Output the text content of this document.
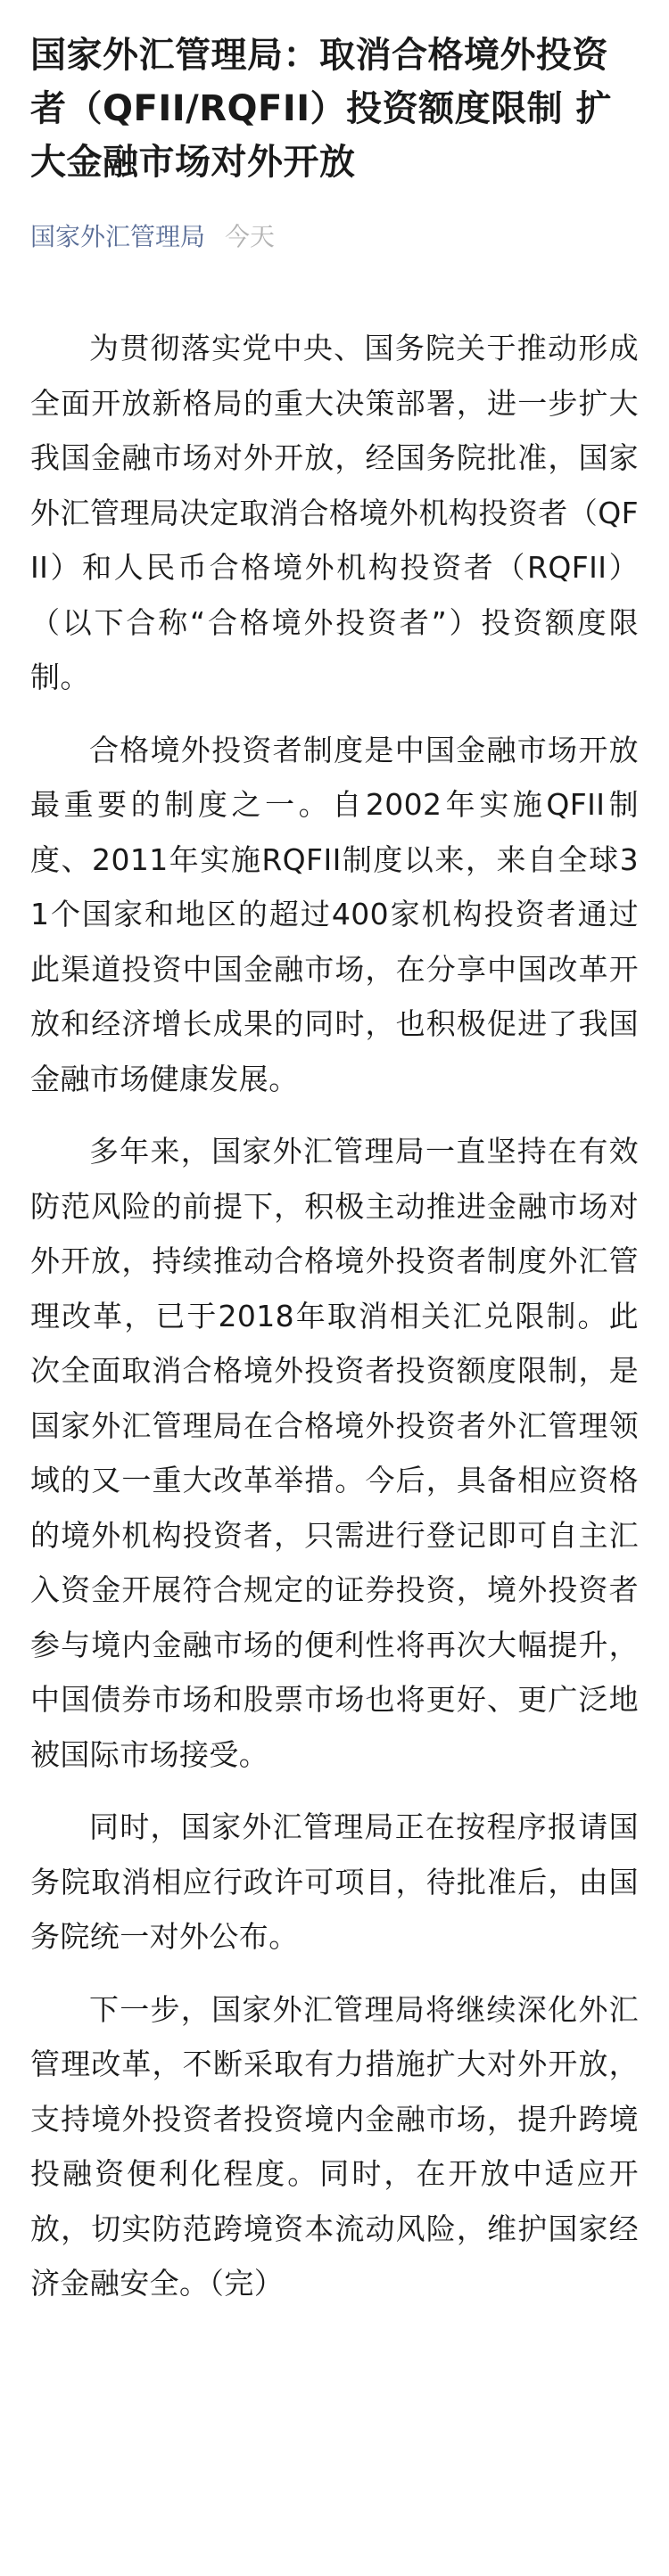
国家外汇管理局：取消合格境外投资者（QFII/RQFII）投资额度限制 扩大金融市场对外开放
国家外汇管理局 今天

为贯彻落实党中央、国务院关于推动形成全面开放新格局的重大决策部署，进一步扩大我国金融市场对外开放，经国务院批准，国家外汇管理局决定取消合格境外机构投资者（QFII）和人民币合格境外机构投资者（RQFII）（以下合称“合格境外投资者”）投资额度限制。

合格境外投资者制度是中国金融市场开放最重要的制度之一。自2002年实施QFII制度、2011年实施RQFII制度以来，来自全球31个国家和地区的超过400家机构投资者通过此渠道投资中国金融市场，在分享中国改革开放和经济增长成果的同时，也积极促进了我国金融市场健康发展。

多年来，国家外汇管理局一直坚持在有效防范风险的前提下，积极主动推进金融市场对外开放，持续推动合格境外投资者制度外汇管理改革，已于2018年取消相关汇兑限制。此次全面取消合格境外投资者投资额度限制，是国家外汇管理局在合格境外投资者外汇管理领域的又一重大改革举措。今后，具备相应资格的境外机构投资者，只需进行登记即可自主汇入资金开展符合规定的证券投资，境外投资者参与境内金融市场的便利性将再次大幅提升，中国债券市场和股票市场也将更好、更广泛地被国际市场接受。

同时，国家外汇管理局正在按程序报请国务院取消相应行政许可项目，待批准后，由国务院统一对外公布。

下一步，国家外汇管理局将继续深化外汇管理改革，不断采取有力措施扩大对外开放，支持境外投资者投资境内金融市场，提升跨境投融资便利化程度。同时，在开放中适应开放，切实防范跨境资本流动风险，维护国家经济金融安全。（完）
